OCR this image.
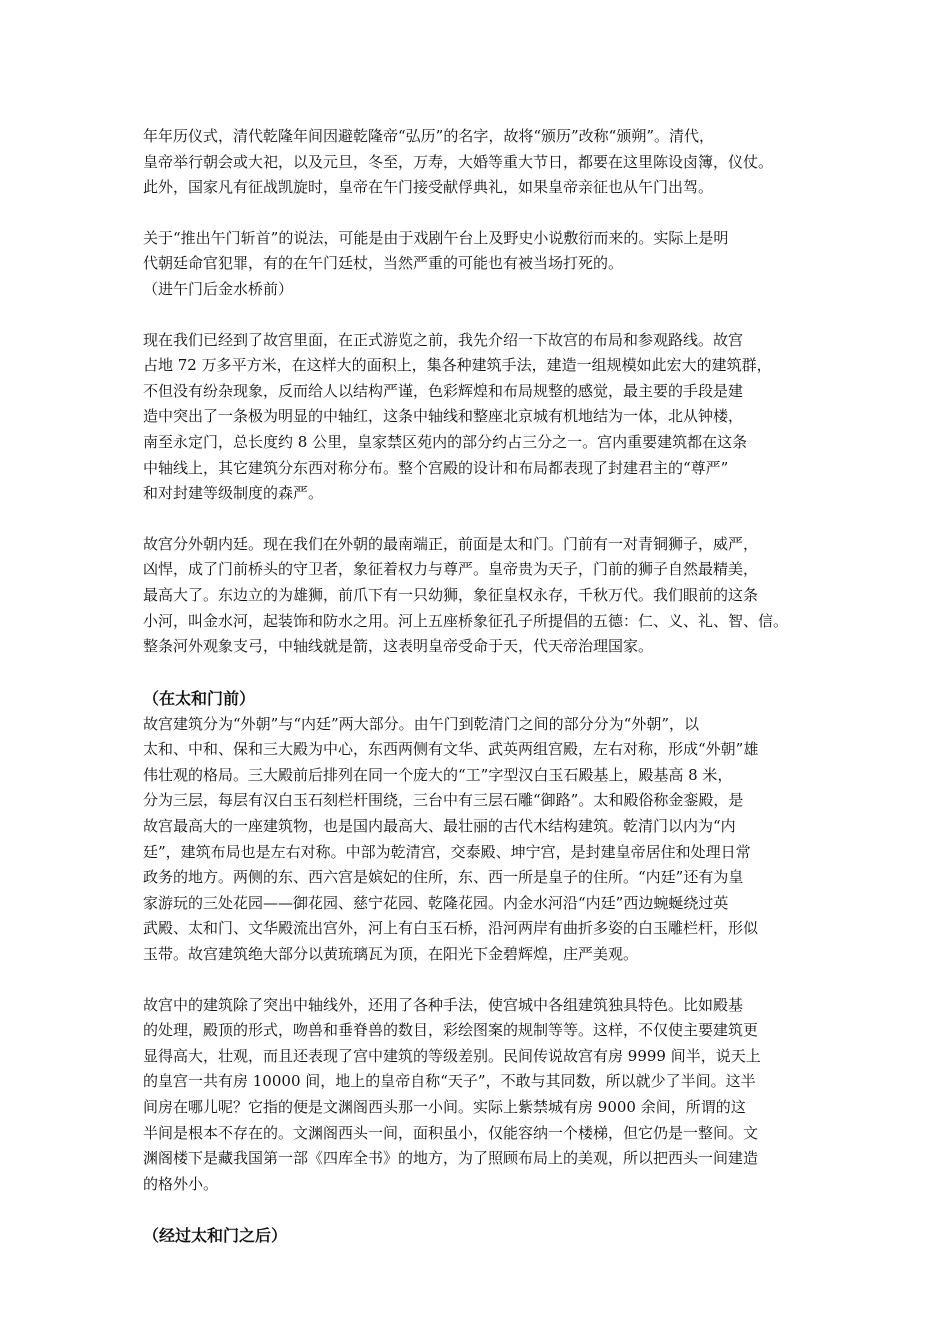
年年历仪式，清代乾隆年间因避乾隆帝“弘历”的名字，故将“颁历”改称“颁朔”。清代，
皇帝举行朝会或大祀，以及元旦，冬至，万寿，大婚等重大节日，都要在这里陈设卤簿，仪仗。
此外，国家凡有征战凯旋时，皇帝在午门接受献俘典礼，如果皇帝亲征也从午门出驾。

关于“推出午门斩首”的说法，可能是由于戏剧午台上及野史小说敷衍而来的。实际上是明
代朝廷命官犯罪，有的在午门廷杖，当然严重的可能也有被当场打死的。

（进午门后金水桥前）

现在我们已经到了故宫里面，在正式游览之前，我先介绍一下故宫的布局和参观路线。故宫
占地 72 万多平方米，在这样大的面积上，集各种建筑手法，建造一组规模如此宏大的建筑群，
不但没有纷杂现象，反而给人以结构严谨，色彩辉煌和布局规整的感觉，最主要的手段是建
造中突出了一条极为明显的中轴红，这条中轴线和整座北京城有机地结为一体，北从钟楼，
南至永定门，总长度约 8 公里，皇家禁区苑内的部分约占三分之一。宫内重要建筑都在这条
中轴线上，其它建筑分东西对称分布。整个宫殿的设计和布局都表现了封建君主的“尊严”
和对封建等级制度的森严。

故宫分外朝内廷。现在我们在外朝的最南端正，前面是太和门。门前有一对青铜狮子，威严，
凶悍，成了门前桥头的守卫者，象征着权力与尊严。皇帝贵为天子，门前的狮子自然最精美，
最高大了。东边立的为雄狮，前爪下有一只幼狮，象征皇权永存，千秋万代。我们眼前的这条
小河，叫金水河，起装饰和防水之用。河上五座桥象征孔子所提倡的五德：仁、义、礼、智、信。
整条河外观象支弓，中轴线就是箭，这表明皇帝受命于天，代天帝治理国家。

（在太和门前）

故宫建筑分为“外朝”与“内廷”两大部分。由午门到乾清门之间的部分分为“外朝”，以
太和、中和、保和三大殿为中心，东西两侧有文华、武英两组宫殿，左右对称，形成“外朝”雄
伟壮观的格局。三大殿前后排列在同一个庞大的“工”字型汉白玉石殿基上，殿基高 8 米，
分为三层，每层有汉白玉石刻栏杆围绕，三台中有三层石雕“御路”。太和殿俗称金銮殿，是
故宫最高大的一座建筑物，也是国内最高大、最壮丽的古代木结构建筑。乾清门以内为“内
廷”，建筑布局也是左右对称。中部为乾清宫，交泰殿、坤宁宫，是封建皇帝居住和处理日常
政务的地方。两侧的东、西六宫是嫔妃的住所，东、西一所是皇子的住所。“内廷”还有为皇
家游玩的三处花园——御花园、慈宁花园、乾隆花园。内金水河沿“内廷”西边蜿蜒绕过英
武殿、太和门、文华殿流出宫外，河上有白玉石桥，沿河两岸有曲折多姿的白玉雕栏杆，形似
玉带。故宫建筑绝大部分以黄琉璃瓦为顶，在阳光下金碧辉煌，庄严美观。

故宫中的建筑除了突出中轴线外，还用了各种手法，使宫城中各组建筑独具特色。比如殿基
的处理，殿顶的形式，吻兽和垂脊兽的数目，彩绘图案的规制等等。这样，不仅使主要建筑更
显得高大，壮观，而且还表现了宫中建筑的等级差别。民间传说故宫有房 9999 间半，说天上
的皇宫一共有房 10000 间，地上的皇帝自称“天子”，不敢与其同数，所以就少了半间。这半
间房在哪儿呢？它指的便是文渊阁西头那一小间。实际上紫禁城有房 9000 余间，所谓的这
半间是根本不存在的。文渊阁西头一间，面积虽小，仅能容纳一个楼梯，但它仍是一整间。文
渊阁楼下是藏我国第一部《四库全书》的地方，为了照顾布局上的美观，所以把西头一间建造
的格外小。

（经过太和门之后）
